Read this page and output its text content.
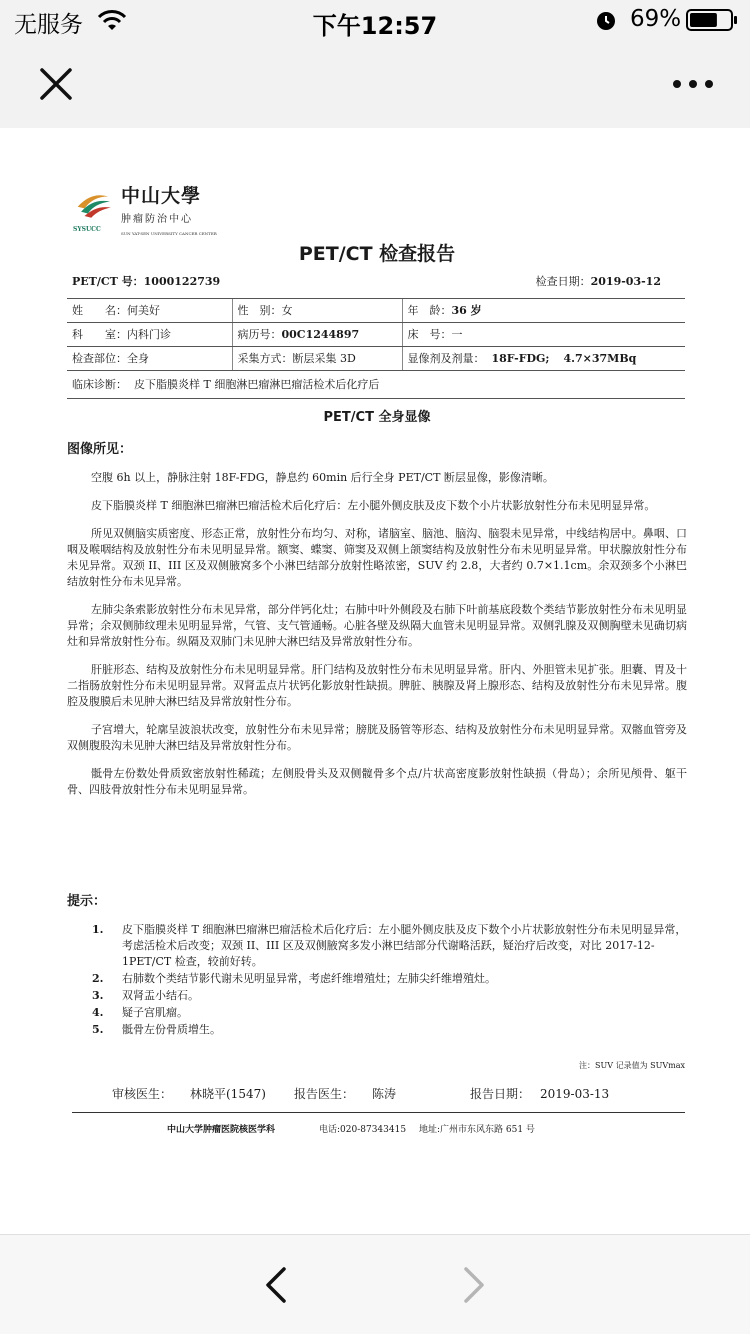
无服务	下午12:57	69%
SYSUCC
中山大學
肿瘤防治中心
SUN YAT-SEN UNIVERSITY CANCER CENTER
PET/CT 检查报告
PET/CT 号：1000122739	检查日期：2019-03-12
姓　　名：何美好	性　别：女	年　龄：36 岁
科　　室：内科门诊	病历号：00C1244897	床　号：一
检查部位：全身	采集方式：断层采集 3D	显像剂及剂量： 18F-FDG; 4.7×37MBq
临床诊断： 皮下脂膜炎样 T 细胞淋巴瘤淋巴瘤活检术后化疗后
PET/CT 全身显像
图像所见：

空腹 6h 以上，静脉注射 18F-FDG，静息约 60min 后行全身 PET/CT 断层显像，影像清晰。

皮下脂膜炎样 T 细胞淋巴瘤淋巴瘤活检术后化疗后：左小腿外侧皮肤及皮下数个小片状影放射性分布未见明显异常。

所见双侧脑实质密度、形态正常，放射性分布均匀、对称，诸脑室、脑池、脑沟、脑裂未见异常，中线结构居中。鼻咽、口咽及喉咽结构及放射性分布未见明显异常。额窦、蝶窦、筛窦及双侧上颌窦结构及放射性分布未见明显异常。甲状腺放射性分布未见异常。双颈 II、III 区及双侧腋窝多个小淋巴结部分放射性略浓密，SUV 约 2.8，大者约 0.7×1.1cm。余双颈多个小淋巴结放射性分布未见异常。

左肺尖条索影放射性分布未见异常，部分伴钙化灶；右肺中叶外侧段及右肺下叶前基底段数个类结节影放射性分布未见明显异常；余双侧肺纹理未见明显异常，气管、支气管通畅。心脏各壁及纵隔大血管未见明显异常。双侧乳腺及双侧胸壁未见确切病灶和异常放射性分布。纵隔及双肺门未见肿大淋巴结及异常放射性分布。

肝脏形态、结构及放射性分布未见明显异常。肝门结构及放射性分布未见明显异常。肝内、外胆管未见扩张。胆囊、胃及十二指肠放射性分布未见明显异常。双肾盂点片状钙化影放射性缺损。脾脏、胰腺及肾上腺形态、结构及放射性分布未见异常。腹腔及腹膜后未见肿大淋巴结及异常放射性分布。

子宫增大，轮廓呈波浪状改变，放射性分布未见异常；膀胱及肠管等形态、结构及放射性分布未见明显异常。双髂血管旁及双侧腹股沟未见肿大淋巴结及异常放射性分布。

骶骨左份数处骨质致密放射性稀疏；左侧股骨头及双侧髋骨多个点/片状高密度影放射性缺损（骨岛）；余所见颅骨、躯干骨、四肢骨放射性分布未见明显异常。

提示：
1. 皮下脂膜炎样 T 细胞淋巴瘤淋巴瘤活检术后化疗后：左小腿外侧皮肤及皮下数个小片状影放射性分布未见明显异常，考虑活检术后改变；双颈 II、III 区及双侧腋窝多发小淋巴结部分代谢略活跃，疑治疗后改变，对比 2017-12-1PET/CT 检查，较前好转。
2. 右肺数个类结节影代谢未见明显异常，考虑纤维增殖灶；左肺尖纤维增殖灶。
3. 双肾盂小结石。
4. 疑子宫肌瘤。
5. 骶骨左份骨质增生。
注：SUV 记录值为 SUVmax
审核医生： 林晓平(1547) 报告医生： 陈涛	报告日期： 2019-03-13
中山大学肿瘤医院核医学科	电话:020-87343415 地址:广州市东风东路 651 号
